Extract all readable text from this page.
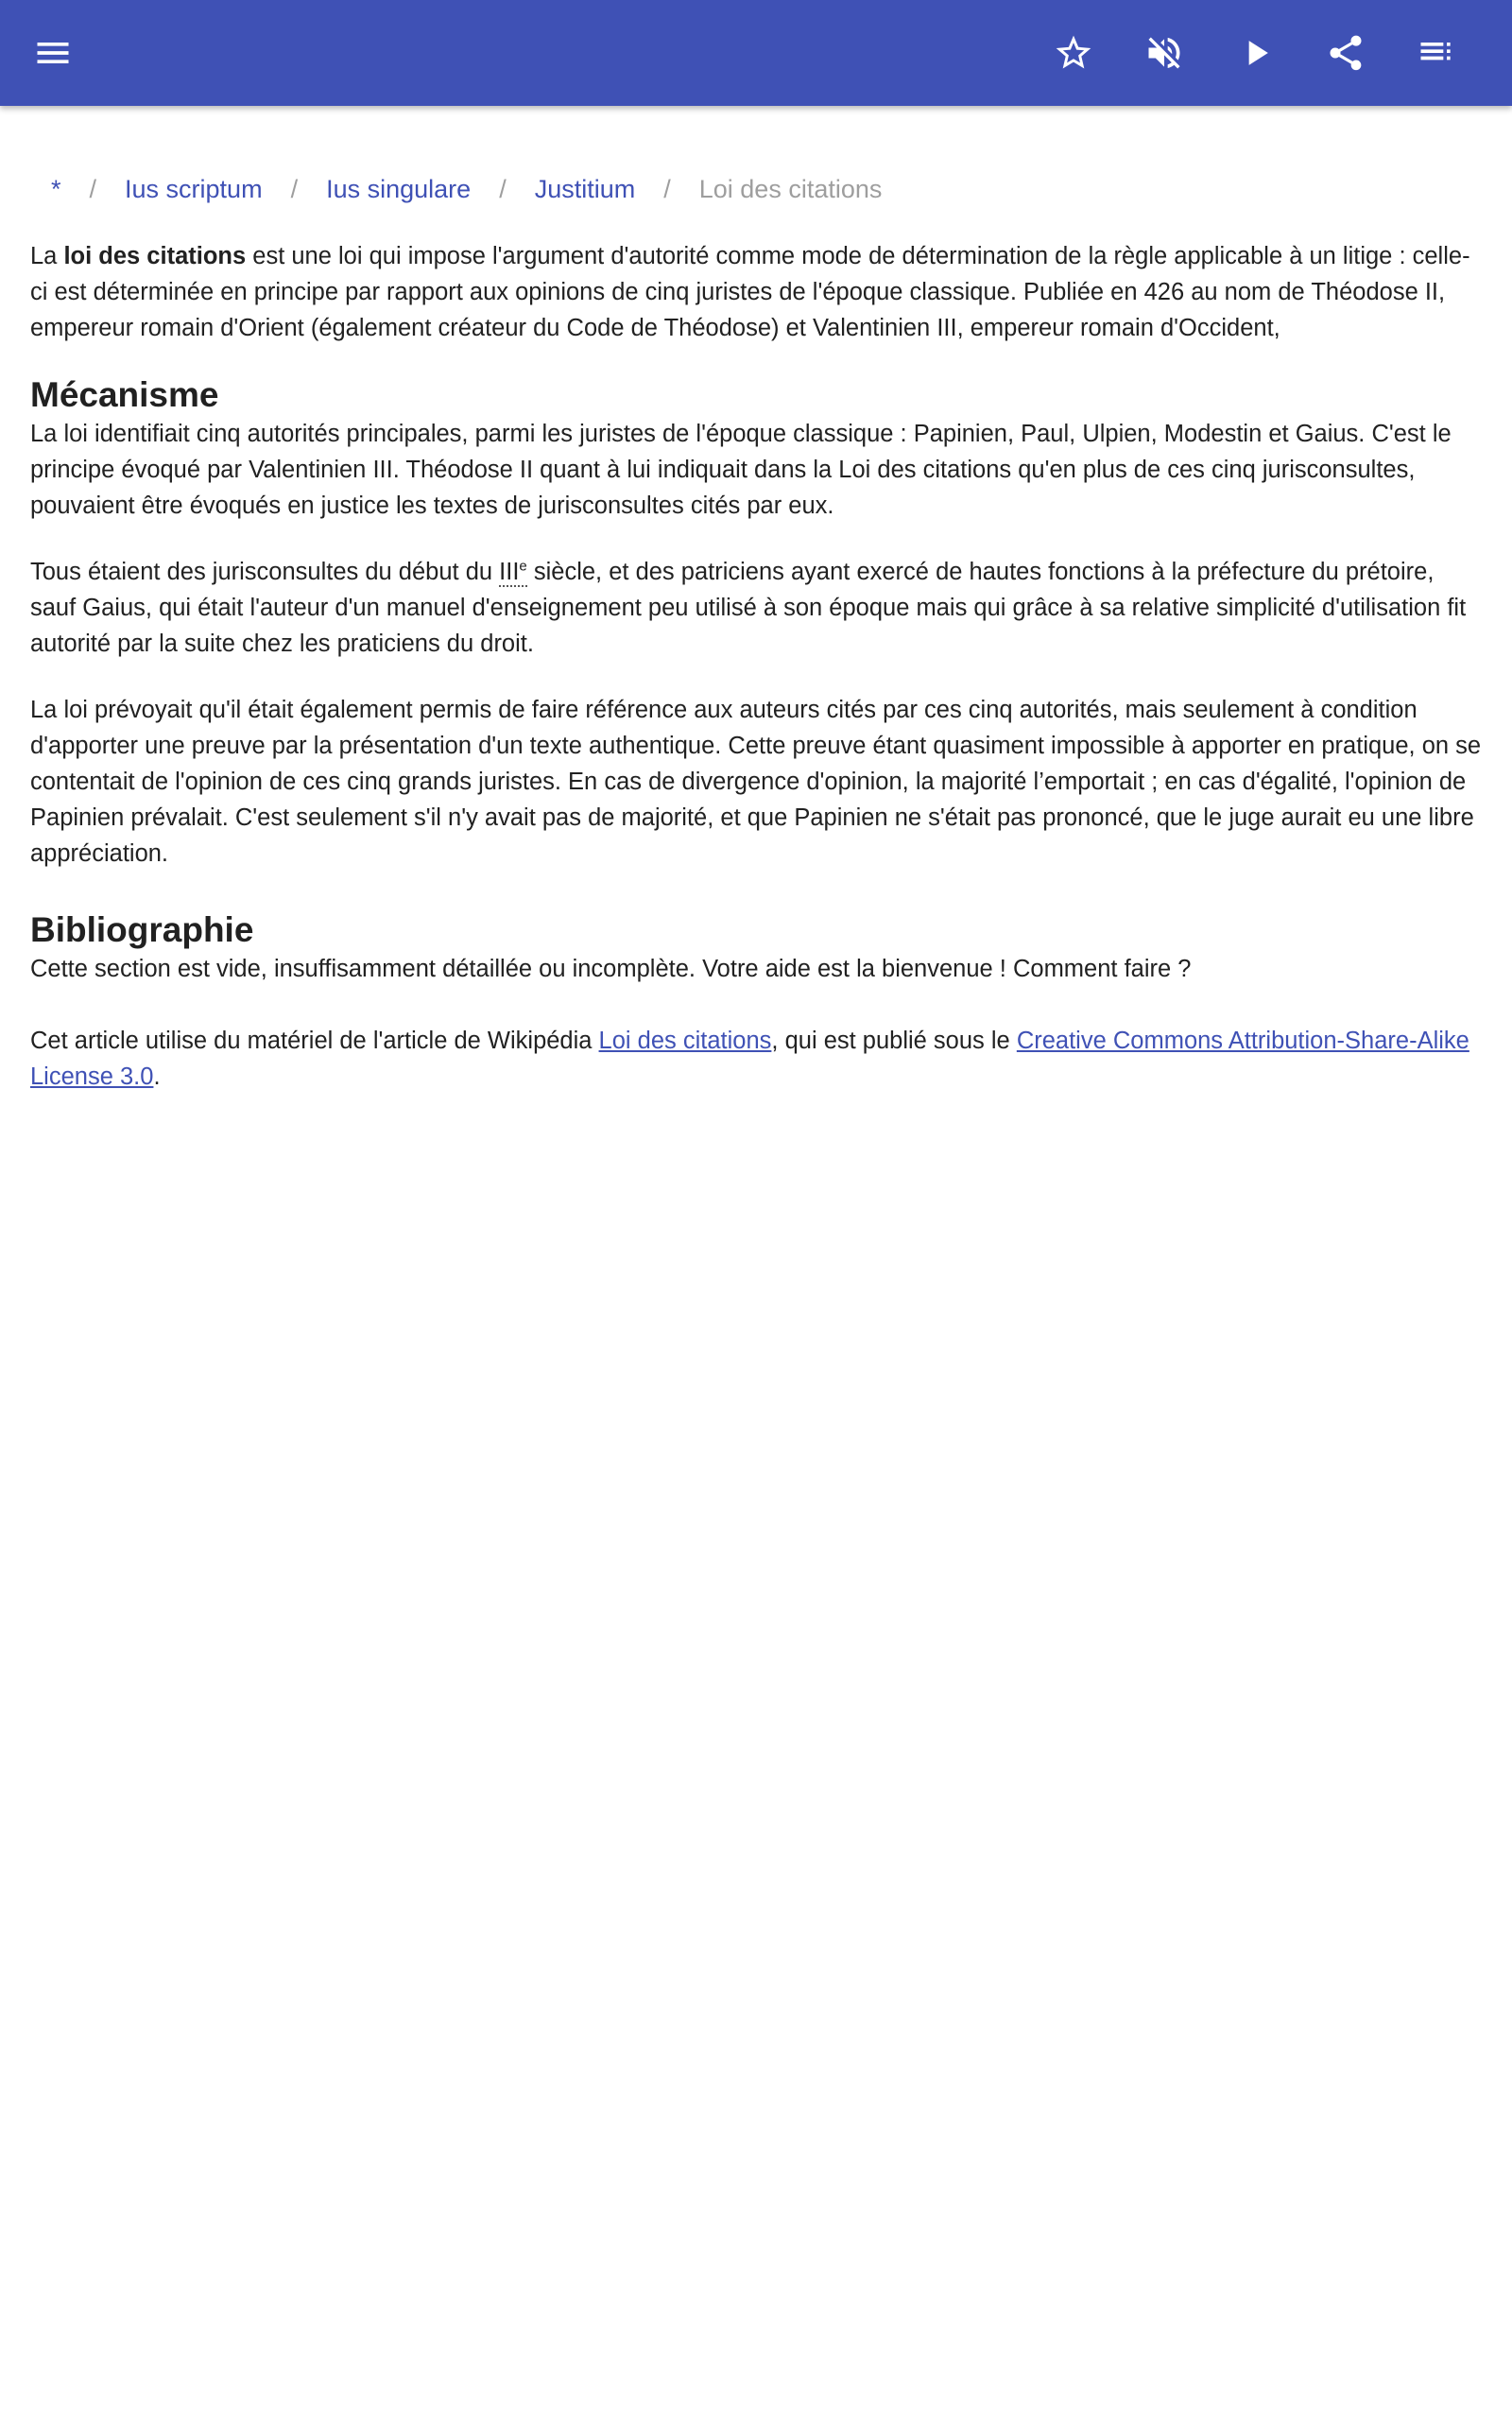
*	/	Ius scriptum	/	Ius singulare	/	Justitium	/	Loi des citations

La loi des citations est une loi qui impose l'argument d'autorité comme mode de détermination de la règle applicable à un litige : celle-ci est déterminée en principe par rapport aux opinions de cinq juristes de l'époque classique. Publiée en 426 au nom de Théodose II, empereur romain d'Orient (également créateur du Code de Théodose) et Valentinien III, empereur romain d'Occident,

Mécanisme

La loi identifiait cinq autorités principales, parmi les juristes de l'époque classique : Papinien, Paul, Ulpien, Modestin et Gaius. C'est le principe évoqué par Valentinien III. Théodose II quant à lui indiquait dans la Loi des citations qu'en plus de ces cinq jurisconsultes, pouvaient être évoqués en justice les textes de jurisconsultes cités par eux.

Tous étaient des jurisconsultes du début du IIIe siècle, et des patriciens ayant exercé de hautes fonctions à la préfecture du prétoire, sauf Gaius, qui était l'auteur d'un manuel d'enseignement peu utilisé à son époque mais qui grâce à sa relative simplicité d'utilisation fit autorité par la suite chez les praticiens du droit.

La loi prévoyait qu'il était également permis de faire référence aux auteurs cités par ces cinq autorités, mais seulement à condition d'apporter une preuve par la présentation d'un texte authentique. Cette preuve étant quasiment impossible à apporter en pratique, on se contentait de l'opinion de ces cinq grands juristes. En cas de divergence d'opinion, la majorité l’emportait ; en cas d'égalité, l'opinion de Papinien prévalait. C'est seulement s'il n'y avait pas de majorité, et que Papinien ne s'était pas prononcé, que le juge aurait eu une libre appréciation.

Bibliographie

Cette section est vide, insuffisamment détaillée ou incomplète. Votre aide est la bienvenue ! Comment faire ?

Cet article utilise du matériel de l'article de Wikipédia Loi des citations, qui est publié sous le Creative Commons Attribution-Share-Alike License 3.0.
